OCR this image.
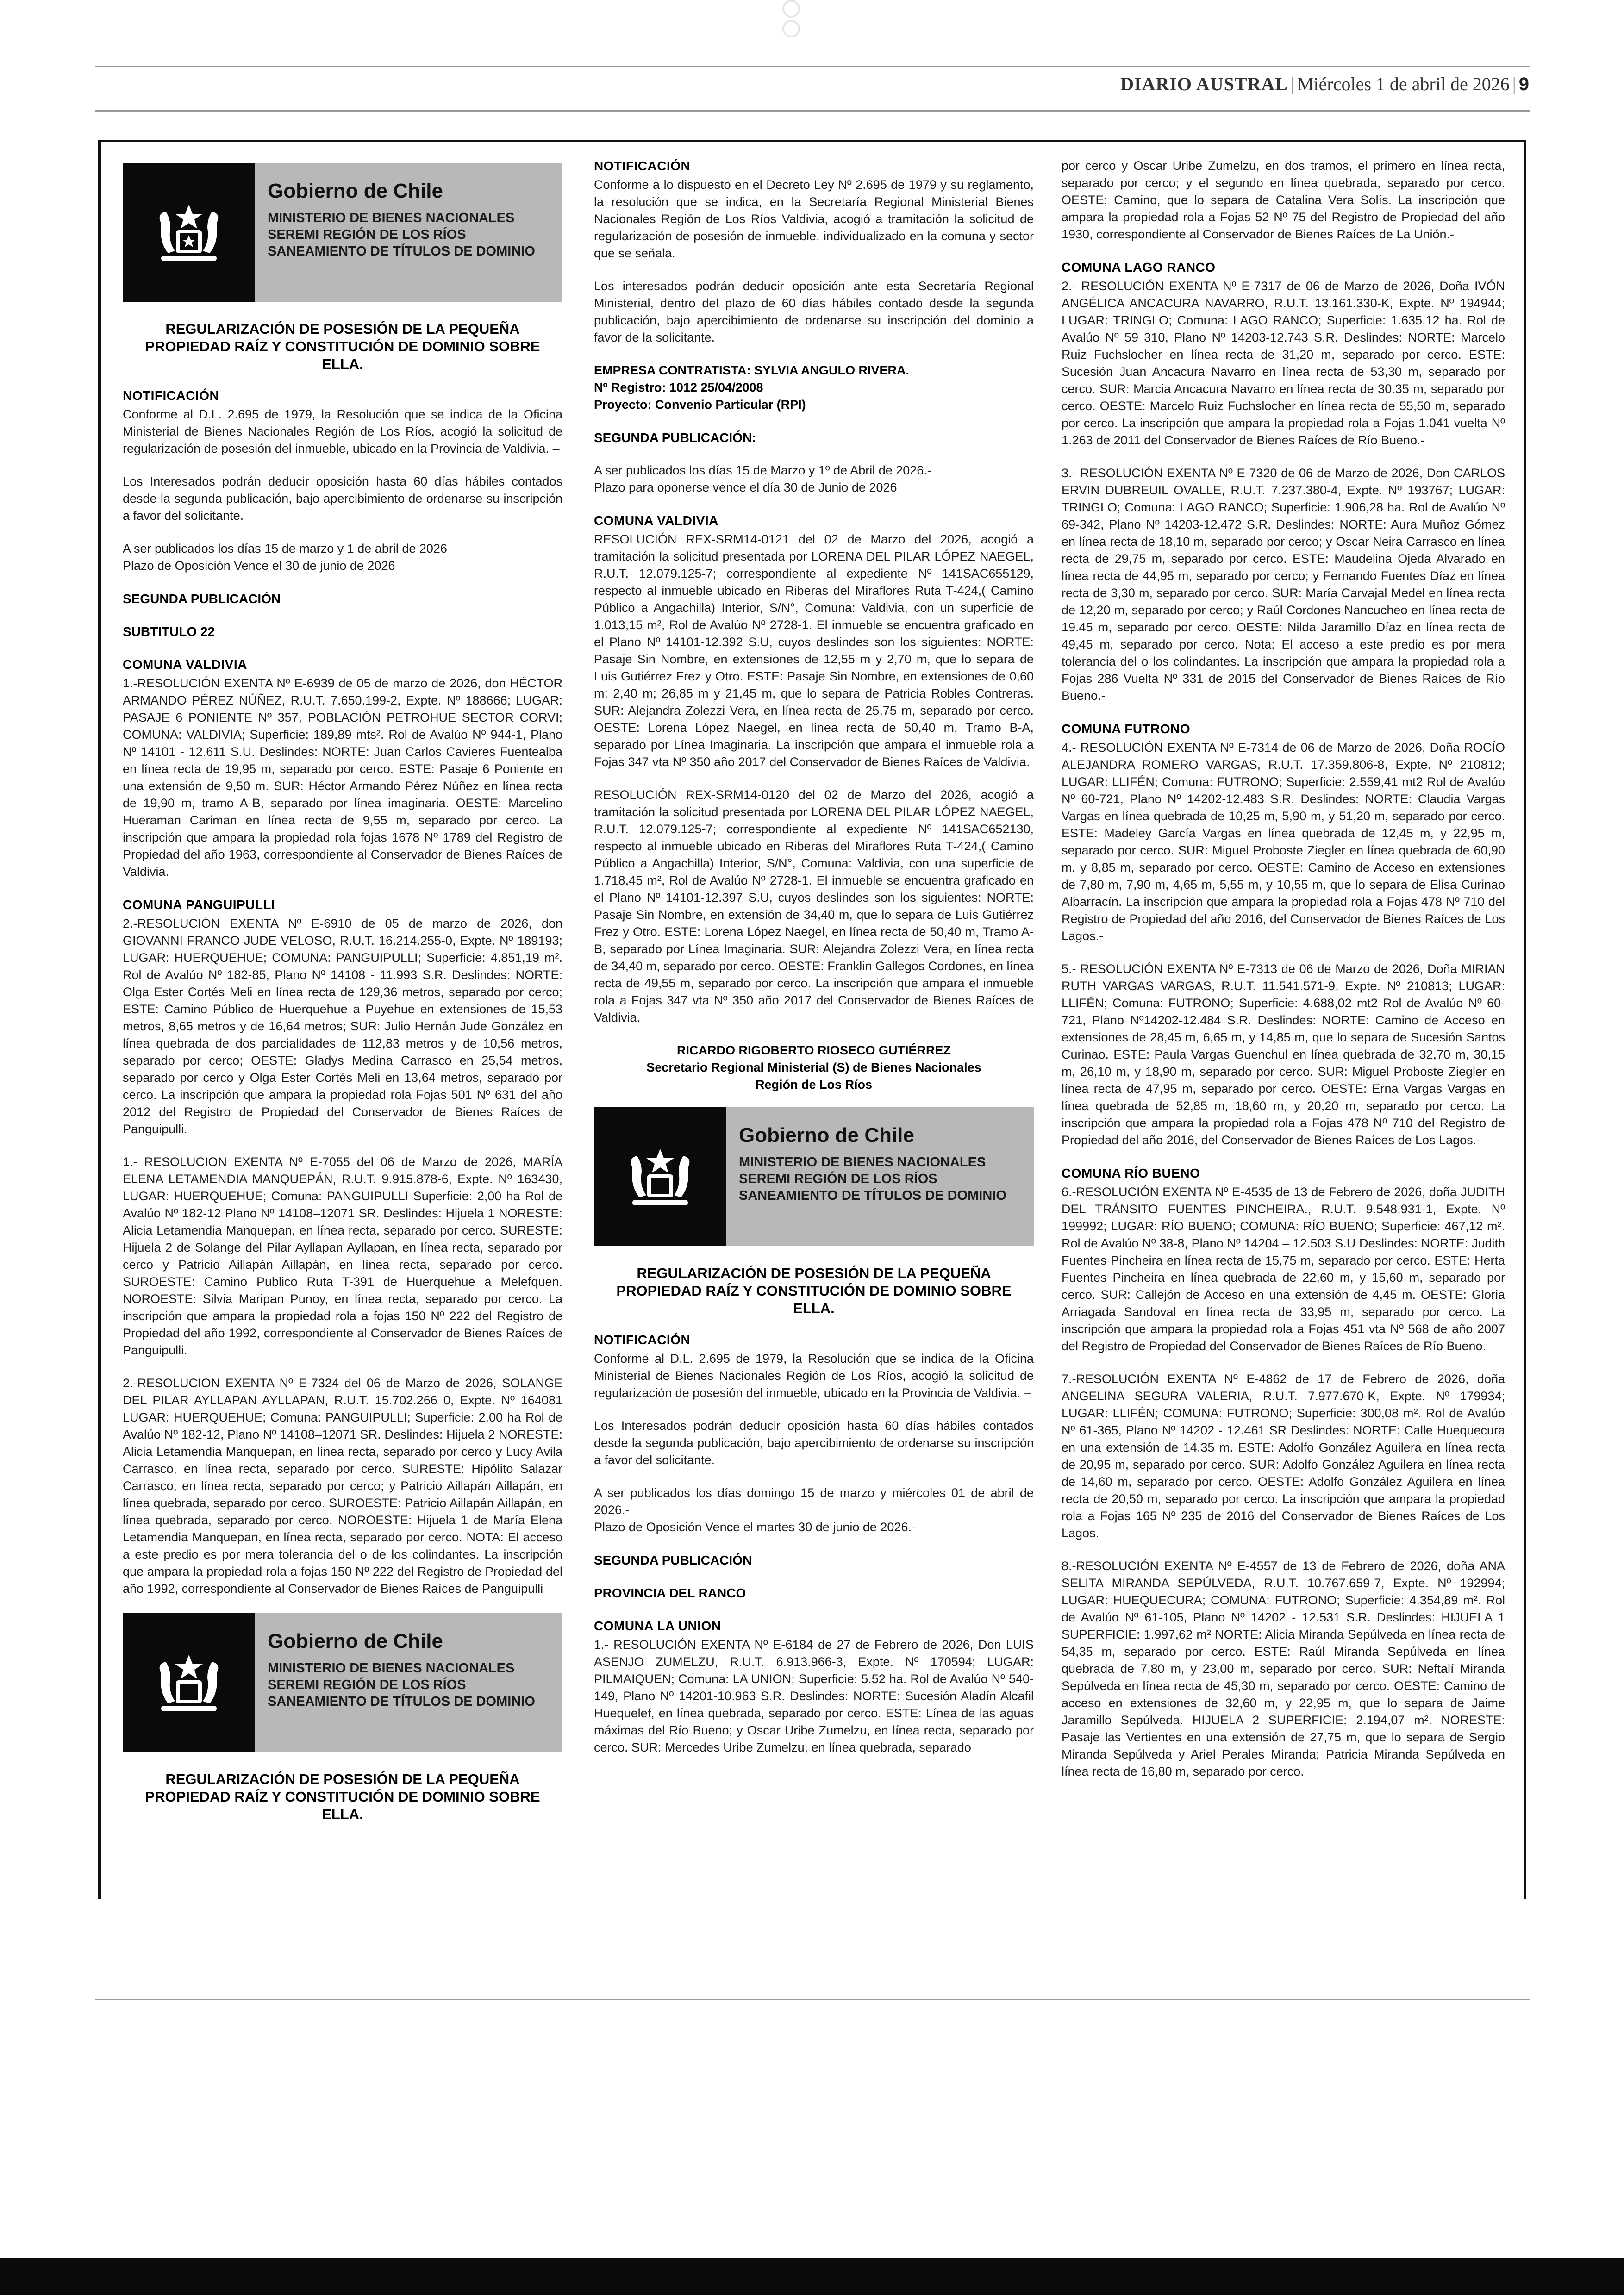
DIARIO AUSTRAL | Miércoles 1 de abril de 2026 | 9
Gobierno de Chile
MINISTERIO DE BIENES NACIONALES
SEREMI REGIÓN DE LOS RÍOS
SANEAMIENTO DE TÍTULOS DE DOMINIO
REGULARIZACIÓN DE POSESIÓN DE LA PEQUEÑA PROPIEDAD RAÍZ Y CONSTITUCIÓN DE DOMINIO SOBRE ELLA.
NOTIFICACIÓN

Conforme al D.L. 2.695 de 1979, la Resolución que se indica de la Oficina Ministerial de Bienes Nacionales Región de Los Ríos, acogió la solicitud de regularización de posesión del inmueble, ubicado en la Provincia de Valdivia. –

Los Interesados podrán deducir oposición hasta 60 días hábiles contados desde la segunda publicación, bajo apercibimiento de ordenarse su inscripción a favor del solicitante.

A ser publicados los días 15 de marzo y 1 de abril de 2026

Plazo de Oposición Vence el 30 de junio de 2026

SEGUNDA PUBLICACIÓN
SUBTITULO 22
COMUNA VALDIVIA

1.-RESOLUCIÓN EXENTA Nº E-6939 de 05 de marzo de 2026, don HÉCTOR ARMANDO PÉREZ NÚÑEZ, R.U.T. 7.650.199-2, Expte. Nº 188666; LUGAR: PASAJE 6 PONIENTE Nº 357, POBLACIÓN PETROHUE SECTOR CORVI; COMUNA: VALDIVIA; Superficie: 189,89 mts². Rol de Avalúo Nº 944-1, Plano Nº 14101 - 12.611 S.U. Deslindes: NORTE: Juan Carlos Cavieres Fuentealba en línea recta de 19,95 m, separado por cerco. ESTE: Pasaje 6 Poniente en una extensión de 9,50 m. SUR: Héctor Armando Pérez Núñez en línea recta de 19,90 m, tramo A-B, separado por línea imaginaria. OESTE: Marcelino Hueraman Cariman en línea recta de 9,55 m, separado por cerco. La inscripción que ampara la propiedad rola fojas 1678 Nº 1789 del Registro de Propiedad del año 1963, correspondiente al Conservador de Bienes Raíces de Valdivia.

COMUNA PANGUIPULLI

2.-RESOLUCIÓN EXENTA Nº E-6910 de 05 de marzo de 2026, don GIOVANNI FRANCO JUDE VELOSO, R.U.T. 16.214.255-0, Expte. Nº 189193; LUGAR: HUERQUEHUE; COMUNA: PANGUIPULLI; Superficie: 4.851,19 m². Rol de Avalúo Nº 182-85, Plano Nº 14108 - 11.993 S.R. Deslindes: NORTE: Olga Ester Cortés Meli en línea recta de 129,36 metros, separado por cerco; ESTE: Camino Público de Huerquehue a Puyehue en extensiones de 15,53 metros, 8,65 metros y de 16,64 metros; SUR: Julio Hernán Jude González en línea quebrada de dos parcialidades de 112,83 metros y de 10,56 metros, separado por cerco; OESTE: Gladys Medina Carrasco en 25,54 metros, separado por cerco y Olga Ester Cortés Meli en 13,64 metros, separado por cerco. La inscripción que ampara la propiedad rola Fojas 501 Nº 631 del año 2012 del Registro de Propiedad del Conservador de Bienes Raíces de Panguipulli.

1.- RESOLUCION EXENTA Nº E-7055 del 06 de Marzo de 2026, MARÍA ELENA LETAMENDIA MANQUEPÁN, R.U.T. 9.915.878-6, Expte. Nº 163430, LUGAR: HUERQUEHUE; Comuna: PANGUIPULLI Superficie: 2,00 ha Rol de Avalúo Nº 182-12 Plano Nº 14108–12071 SR. Deslindes: Hijuela 1 NORESTE: Alicia Letamendia Manquepan, en línea recta, separado por cerco. SURESTE: Hijuela 2 de Solange del Pilar Ayllapan Ayllapan, en línea recta, separado por cerco y Patricio Aillapán Aillapán, en línea recta, separado por cerco. SUROESTE: Camino Publico Ruta T-391 de Huerquehue a Melefquen. NOROESTE: Silvia Maripan Punoy, en línea recta, separado por cerco. La inscripción que ampara la propiedad rola a fojas 150 Nº 222 del Registro de Propiedad del año 1992, correspondiente al Conservador de Bienes Raíces de Panguipulli.

2.-RESOLUCION EXENTA Nº E-7324 del 06 de Marzo de 2026, SOLANGE DEL PILAR AYLLAPAN AYLLAPAN, R.U.T. 15.702.266 0, Expte. Nº 164081 LUGAR: HUERQUEHUE; Comuna: PANGUIPULLI; Superficie: 2,00 ha Rol de Avalúo Nº 182-12, Plano Nº 14108–12071 SR. Deslindes: Hijuela 2 NORESTE: Alicia Letamendia Manquepan, en línea recta, separado por cerco y Lucy Avila Carrasco, en línea recta, separado por cerco. SURESTE: Hipólito Salazar Carrasco, en línea recta, separado por cerco; y Patricio Aillapán Aillapán, en línea quebrada, separado por cerco. SUROESTE: Patricio Aillapán Aillapán, en línea quebrada, separado por cerco. NOROESTE: Hijuela 1 de María Elena Letamendia Manquepan, en línea recta, separado por cerco. NOTA: El acceso a este predio es por mera tolerancia del o de los colindantes. La inscripción que ampara la propiedad rola a fojas 150 Nº 222 del Registro de Propiedad del año 1992, correspondiente al Conservador de Bienes Raíces de Panguipulli

Gobierno de Chile
MINISTERIO DE BIENES NACIONALES
SEREMI REGIÓN DE LOS RÍOS
SANEAMIENTO DE TÍTULOS DE DOMINIO
REGULARIZACIÓN DE POSESIÓN DE LA PEQUEÑA PROPIEDAD RAÍZ Y CONSTITUCIÓN DE DOMINIO SOBRE ELLA.
NOTIFICACIÓN

Conforme a lo dispuesto en el Decreto Ley Nº 2.695 de 1979 y su reglamento, la resolución que se indica, en la Secretaría Regional Ministerial Bienes Nacionales Región de Los Ríos Valdivia, acogió a tramitación la solicitud de regularización de posesión de inmueble, individualizado en la comuna y sector que se señala.

Los interesados podrán deducir oposición ante esta Secretaría Regional Ministerial, dentro del plazo de 60 días hábiles contado desde la segunda publicación, bajo apercibimiento de ordenarse su inscripción del dominio a favor de la solicitante.

EMPRESA CONTRATISTA: SYLVIA ANGULO RIVERA.
Nº Registro: 1012 25/04/2008

Proyecto: Convenio Particular (RPI)

SEGUNDA PUBLICACIÓN:
A ser publicados los días 15 de Marzo y 1º de Abril de 2026.-

Plazo para oponerse vence el día 30 de Junio de 2026

COMUNA VALDIVIA

RESOLUCIÓN REX-SRM14-0121 del 02 de Marzo del 2026, acogió a tramitación la solicitud presentada por LORENA DEL PILAR LÓPEZ NAEGEL, R.U.T. 12.079.125-7; correspondiente al expediente Nº 141SAC655129, respecto al inmueble ubicado en Riberas del Miraflores Ruta T-424,( Camino Público a Angachilla) Interior, S/N°, Comuna: Valdivia, con un superficie de 1.013,15 m², Rol de Avalúo Nº 2728-1. El inmueble se encuentra graficado en el Plano Nº 14101-12.392 S.U, cuyos deslindes son los siguientes: NORTE: Pasaje Sin Nombre, en extensiones de 12,55 m y 2,70 m, que lo separa de Luis Gutiérrez Frez y Otro. ESTE: Pasaje Sin Nombre, en extensiones de 0,60 m; 2,40 m; 26,85 m y 21,45 m, que lo separa de Patricia Robles Contreras. SUR: Alejandra Zolezzi Vera, en línea recta de 25,75 m, separado por cerco. OESTE: Lorena López Naegel, en línea recta de 50,40 m, Tramo B-A, separado por Línea Imaginaria. La inscripción que ampara el inmueble rola a Fojas 347 vta Nº 350 año 2017 del Conservador de Bienes Raíces de Valdivia.

RESOLUCIÓN REX-SRM14-0120 del 02 de Marzo del 2026, acogió a tramitación la solicitud presentada por LORENA DEL PILAR LÓPEZ NAEGEL, R.U.T. 12.079.125-7; correspondiente al expediente Nº 141SAC652130, respecto al inmueble ubicado en Riberas del Miraflores Ruta T-424,( Camino Público a Angachilla) Interior, S/N°, Comuna: Valdivia, con una superficie de 1.718,45 m², Rol de Avalúo Nº 2728-1. El inmueble se encuentra graficado en el Plano Nº 14101-12.397 S.U, cuyos deslindes son los siguientes: NORTE: Pasaje Sin Nombre, en extensión de 34,40 m, que lo separa de Luis Gutiérrez Frez y Otro. ESTE: Lorena López Naegel, en línea recta de 50,40 m, Tramo A-B, separado por Línea Imaginaria. SUR: Alejandra Zolezzi Vera, en línea recta de 34,40 m, separado por cerco. OESTE: Franklin Gallegos Cordones, en línea recta de 49,55 m, separado por cerco. La inscripción que ampara el inmueble rola a Fojas 347 vta Nº 350 año 2017 del Conservador de Bienes Raíces de Valdivia.

RICARDO RIGOBERTO RIOSECO GUTIÉRREZ
Secretario Regional Ministerial (S) de Bienes Nacionales
Región de Los Ríos
Gobierno de Chile
MINISTERIO DE BIENES NACIONALES
SEREMI REGIÓN DE LOS RÍOS
SANEAMIENTO DE TÍTULOS DE DOMINIO
REGULARIZACIÓN DE POSESIÓN DE LA PEQUEÑA PROPIEDAD RAÍZ Y CONSTITUCIÓN DE DOMINIO SOBRE ELLA.
NOTIFICACIÓN

Conforme al D.L. 2.695 de 1979, la Resolución que se indica de la Oficina Ministerial de Bienes Nacionales Región de Los Ríos, acogió la solicitud de regularización de posesión del inmueble, ubicado en la Provincia de Valdivia. –

Los Interesados podrán deducir oposición hasta 60 días hábiles contados desde la segunda publicación, bajo apercibimiento de ordenarse su inscripción a favor del solicitante.

A ser publicados los días domingo 15 de marzo y miércoles 01 de abril de 2026.-

Plazo de Oposición Vence el martes 30 de junio de 2026.-

SEGUNDA PUBLICACIÓN
PROVINCIA DEL RANCO
COMUNA LA UNION

1.- RESOLUCIÓN EXENTA Nº E-6184 de 27 de Febrero de 2026, Don LUIS ASENJO ZUMELZU, R.U.T. 6.913.966-3, Expte. Nº 170594; LUGAR: PILMAIQUEN; Comuna: LA UNION; Superficie: 5.52 ha. Rol de Avalúo Nº 540-149, Plano Nº 14201-10.963 S.R. Deslindes: NORTE: Sucesión Aladín Alcafil Huequelef, en línea quebrada, separado por cerco. ESTE: Línea de las aguas máximas del Río Bueno; y Oscar Uribe Zumelzu, en línea recta, separado por cerco. SUR: Mercedes Uribe Zumelzu, en línea quebrada, separado

por cerco y Oscar Uribe Zumelzu, en dos tramos, el primero en línea recta, separado por cerco; y el segundo en línea quebrada, separado por cerco. OESTE: Camino, que lo separa de Catalina Vera Solís. La inscripción que ampara la propiedad rola a Fojas 52 Nº 75 del Registro de Propiedad del año 1930, correspondiente al Conservador de Bienes Raíces de La Unión.-

COMUNA LAGO RANCO

2.- RESOLUCIÓN EXENTA Nº E-7317 de 06 de Marzo de 2026, Doña IVÓN ANGÉLICA ANCACURA NAVARRO, R.U.T. 13.161.330-K, Expte. Nº 194944; LUGAR: TRINGLO; Comuna: LAGO RANCO; Superficie: 1.635,12 ha. Rol de Avalúo Nº 59 310, Plano Nº 14203-12.743 S.R. Deslindes: NORTE: Marcelo Ruiz Fuchslocher en línea recta de 31,20 m, separado por cerco. ESTE: Sucesión Juan Ancacura Navarro en línea recta de 53,30 m, separado por cerco. SUR: Marcia Ancacura Navarro en línea recta de 30.35 m, separado por cerco. OESTE: Marcelo Ruiz Fuchslocher en línea recta de 55,50 m, separado por cerco. La inscripción que ampara la propiedad rola a Fojas 1.041 vuelta Nº 1.263 de 2011 del Conservador de Bienes Raíces de Río Bueno.-

3.- RESOLUCIÓN EXENTA Nº E-7320 de 06 de Marzo de 2026, Don CARLOS ERVIN DUBREUIL OVALLE, R.U.T. 7.237.380-4, Expte. Nº 193767; LUGAR: TRINGLO; Comuna: LAGO RANCO; Superficie: 1.906,28 ha. Rol de Avalúo Nº 69-342, Plano Nº 14203-12.472 S.R. Deslindes: NORTE: Aura Muñoz Gómez en línea recta de 18,10 m, separado por cerco; y Oscar Neira Carrasco en línea recta de 29,75 m, separado por cerco. ESTE: Maudelina Ojeda Alvarado en línea recta de 44,95 m, separado por cerco; y Fernando Fuentes Díaz en línea recta de 3,30 m, separado por cerco. SUR: María Carvajal Medel en línea recta de 12,20 m, separado por cerco; y Raúl Cordones Nancucheo en línea recta de 19.45 m, separado por cerco. OESTE: Nilda Jaramillo Díaz en línea recta de 49,45 m, separado por cerco. Nota: El acceso a este predio es por mera tolerancia del o los colindantes. La inscripción que ampara la propiedad rola a Fojas 286 Vuelta Nº 331 de 2015 del Conservador de Bienes Raíces de Río Bueno.-

COMUNA FUTRONO

4.- RESOLUCIÓN EXENTA Nº E-7314 de 06 de Marzo de 2026, Doña ROCÍO ALEJANDRA ROMERO VARGAS, R.U.T. 17.359.806-8, Expte. Nº 210812; LUGAR: LLIFÉN; Comuna: FUTRONO; Superficie: 2.559,41 mt2 Rol de Avalúo Nº 60-721, Plano Nº 14202-12.483 S.R. Deslindes: NORTE: Claudia Vargas Vargas en línea quebrada de 10,25 m, 5,90 m, y 51,20 m, separado por cerco. ESTE: Madeley García Vargas en línea quebrada de 12,45 m, y 22,95 m, separado por cerco. SUR: Miguel Proboste Ziegler en línea quebrada de 60,90 m, y 8,85 m, separado por cerco. OESTE: Camino de Acceso en extensiones de 7,80 m, 7,90 m, 4,65 m, 5,55 m, y 10,55 m, que lo separa de Elisa Curinao Albarracín. La inscripción que ampara la propiedad rola a Fojas 478 Nº 710 del Registro de Propiedad del año 2016, del Conservador de Bienes Raíces de Los Lagos.-

5.- RESOLUCIÓN EXENTA Nº E-7313 de 06 de Marzo de 2026, Doña MIRIAN RUTH VARGAS VARGAS, R.U.T. 11.541.571-9, Expte. Nº 210813; LUGAR: LLIFÉN; Comuna: FUTRONO; Superficie: 4.688,02 mt2 Rol de Avalúo Nº 60-721, Plano Nº14202-12.484 S.R. Deslindes: NORTE: Camino de Acceso en extensiones de 28,45 m, 6,65 m, y 14,85 m, que lo separa de Sucesión Santos Curinao. ESTE: Paula Vargas Guenchul en línea quebrada de 32,70 m, 30,15 m, 26,10 m, y 18,90 m, separado por cerco. SUR: Miguel Proboste Ziegler en línea recta de 47,95 m, separado por cerco. OESTE: Erna Vargas Vargas en línea quebrada de 52,85 m, 18,60 m, y 20,20 m, separado por cerco. La inscripción que ampara la propiedad rola a Fojas 478 Nº 710 del Registro de Propiedad del año 2016, del Conservador de Bienes Raíces de Los Lagos.-

COMUNA RÍO BUENO

6.-RESOLUCIÓN EXENTA Nº E-4535 de 13 de Febrero de 2026, doña JUDITH DEL TRÁNSITO FUENTES PINCHEIRA., R.U.T. 9.548.931-1, Expte. Nº 199992; LUGAR: RÍO BUENO; COMUNA: RÍO BUENO; Superficie: 467,12 m². Rol de Avalúo Nº 38-8, Plano Nº 14204 – 12.503 S.U Deslindes: NORTE: Judith Fuentes Pincheira en línea recta de 15,75 m, separado por cerco. ESTE: Herta Fuentes Pincheira en línea quebrada de 22,60 m, y 15,60 m, separado por cerco. SUR: Callejón de Acceso en una extensión de 4,45 m. OESTE: Gloria Arriagada Sandoval en línea recta de 33,95 m, separado por cerco. La inscripción que ampara la propiedad rola a Fojas 451 vta Nº 568 de año 2007 del Registro de Propiedad del Conservador de Bienes Raíces de Río Bueno.

7.-RESOLUCIÓN EXENTA Nº E-4862 de 17 de Febrero de 2026, doña ANGELINA SEGURA VALERIA, R.U.T. 7.977.670-K, Expte. Nº 179934; LUGAR: LLIFÉN; COMUNA: FUTRONO; Superficie: 300,08 m². Rol de Avalúo Nº 61-365, Plano Nº 14202 - 12.461 SR Deslindes: NORTE: Calle Huequecura en una extensión de 14,35 m. ESTE: Adolfo González Aguilera en línea recta de 20,95 m, separado por cerco. SUR: Adolfo González Aguilera en línea recta de 14,60 m, separado por cerco. OESTE: Adolfo González Aguilera en línea recta de 20,50 m, separado por cerco. La inscripción que ampara la propiedad rola a Fojas 165 Nº 235 de 2016 del Conservador de Bienes Raíces de Los Lagos.

8.-RESOLUCIÓN EXENTA Nº E-4557 de 13 de Febrero de 2026, doña ANA SELITA MIRANDA SEPÚLVEDA, R.U.T. 10.767.659-7, Expte. Nº 192994; LUGAR: HUEQUECURA; COMUNA: FUTRONO; Superficie: 4.354,89 m². Rol de Avalúo Nº 61-105, Plano Nº 14202 - 12.531 S.R. Deslindes: HIJUELA 1 SUPERFICIE: 1.997,62 m² NORTE: Alicia Miranda Sepúlveda en línea recta de 54,35 m, separado por cerco. ESTE: Raúl Miranda Sepúlveda en línea quebrada de 7,80 m, y 23,00 m, separado por cerco. SUR: Neftalí Miranda Sepúlveda en línea recta de 45,30 m, separado por cerco. OESTE: Camino de acceso en extensiones de 32,60 m, y 22,95 m, que lo separa de Jaime Jaramillo Sepúlveda. HIJUELA 2 SUPERFICIE: 2.194,07 m². NORESTE: Pasaje las Vertientes en una extensión de 27,75 m, que lo separa de Sergio Miranda Sepúlveda y Ariel Perales Miranda; Patricia Miranda Sepúlveda en línea recta de 16,80 m, separado por cerco.
